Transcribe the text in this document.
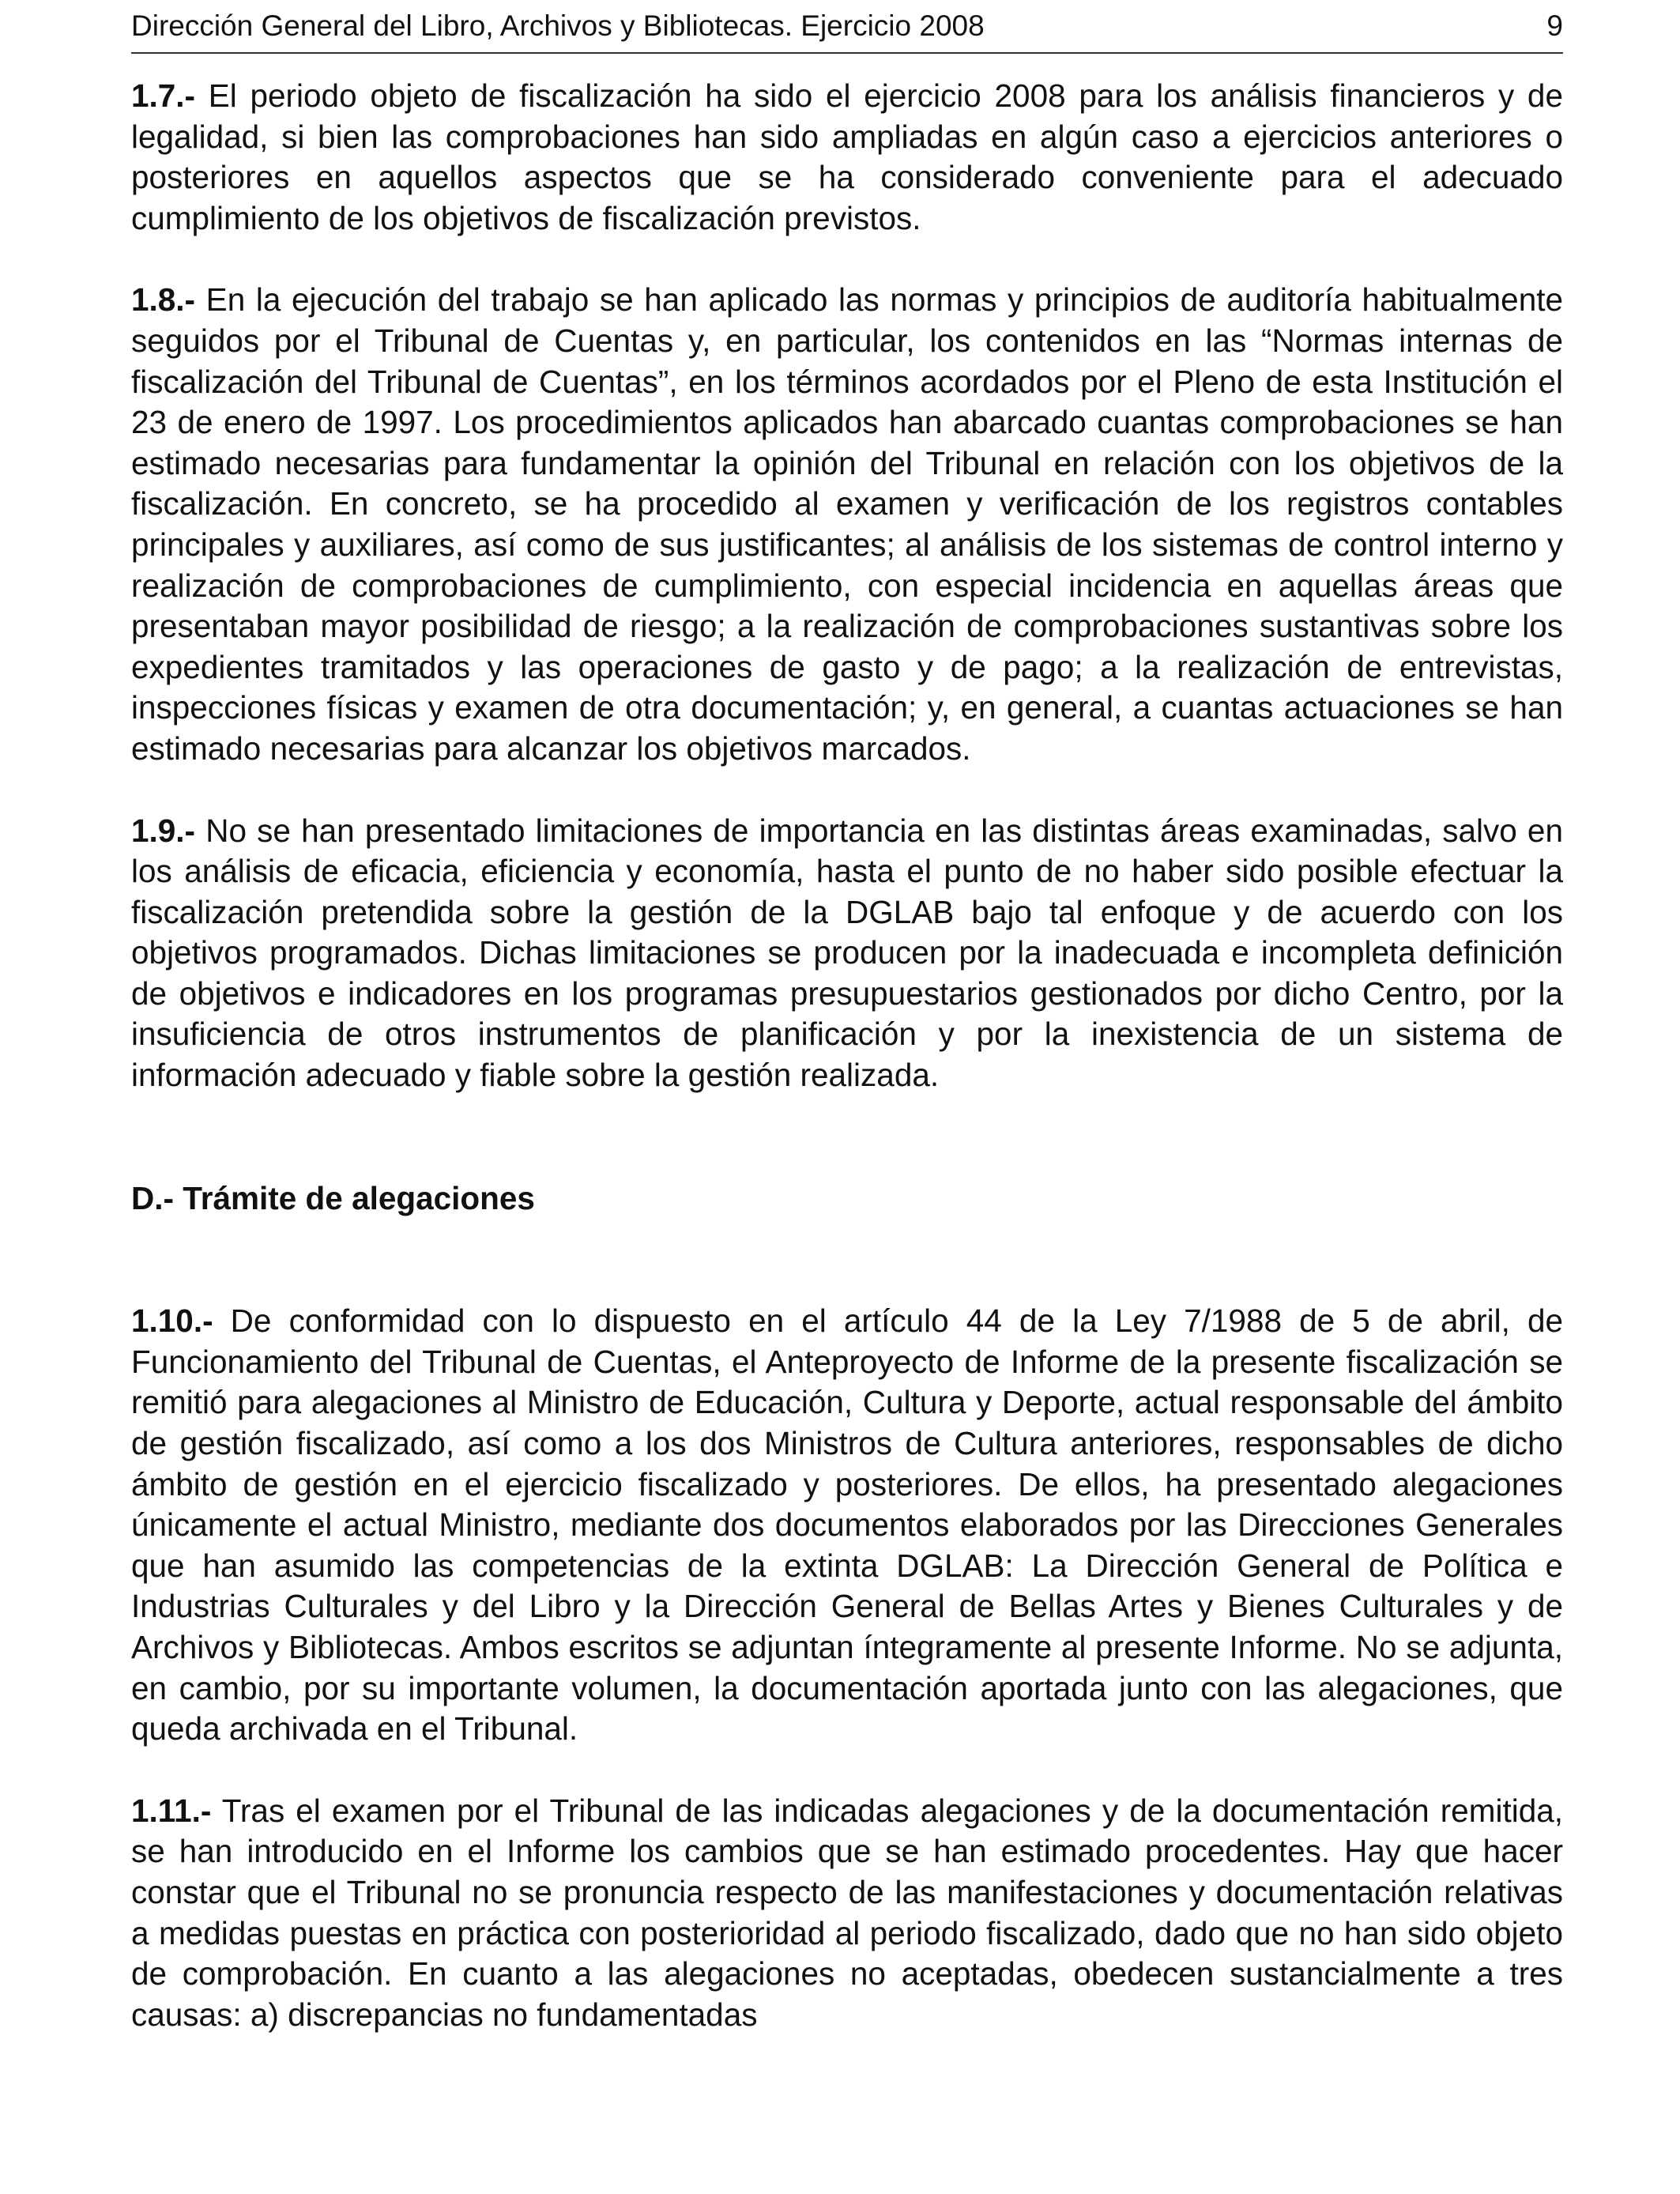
Dirección General del Libro, Archivos y Bibliotecas. Ejercicio 2008	9

1.7.- El periodo objeto de fiscalización ha sido el ejercicio 2008 para los análisis financieros y de legalidad, si bien las comprobaciones han sido ampliadas en algún caso a ejercicios anteriores o posteriores en aquellos aspectos que se ha considerado conveniente para el adecuado cumplimiento de los objetivos de fiscalización previstos.

1.8.- En la ejecución del trabajo se han aplicado las normas y principios de auditoría habitualmente seguidos por el Tribunal de Cuentas y, en particular, los contenidos en las “Normas internas de fiscalización del Tribunal de Cuentas”, en los términos acordados por el Pleno de esta Institución el 23 de enero de 1997. Los procedimientos aplicados han abarcado cuantas comprobaciones se han estimado necesarias para fundamentar la opinión del Tribunal en relación con los objetivos de la fiscalización. En concreto, se ha procedido al examen y verificación de los registros contables principales y auxiliares, así como de sus justificantes; al análisis de los sistemas de control interno y realización de comprobaciones de cumplimiento, con especial incidencia en aquellas áreas que presentaban mayor posibilidad de riesgo; a la realización de comprobaciones sustantivas sobre los expedientes tramitados y las operaciones de gasto y de pago; a la realización de entrevistas, inspecciones físicas y examen de otra documentación; y, en general, a cuantas actuaciones se han estimado necesarias para alcanzar los objetivos marcados.

1.9.- No se han presentado limitaciones de importancia en las distintas áreas examinadas, salvo en los análisis de eficacia, eficiencia y economía, hasta el punto de no haber sido posible efectuar la fiscalización pretendida sobre la gestión de la DGLAB bajo tal enfoque y de acuerdo con los objetivos programados. Dichas limitaciones se producen por la inadecuada e incompleta definición de objetivos e indicadores en los programas presupuestarios gestionados por dicho Centro, por la insuficiencia de otros instrumentos de planificación y por la inexistencia de un sistema de información adecuado y fiable sobre la gestión realizada.

D.- Trámite de alegaciones

1.10.- De conformidad con lo dispuesto en el artículo 44 de la Ley 7/1988 de 5 de abril, de Funcionamiento del Tribunal de Cuentas, el Anteproyecto de Informe de la presente fiscalización se remitió para alegaciones al Ministro de Educación, Cultura y Deporte, actual responsable del ámbito de gestión fiscalizado, así como a los dos Ministros de Cultura anteriores, responsables de dicho ámbito de gestión en el ejercicio fiscalizado y posteriores. De ellos, ha presentado alegaciones únicamente el actual Ministro, mediante dos documentos elaborados por las Direcciones Generales que han asumido las competencias de la extinta DGLAB: La Dirección General de Política e Industrias Culturales y del Libro y la Dirección General de Bellas Artes y Bienes Culturales y de Archivos y Bibliotecas. Ambos escritos se adjuntan íntegramente al presente Informe. No se adjunta, en cambio, por su importante volumen, la documentación aportada junto con las alegaciones, que queda archivada en el Tribunal.

1.11.- Tras el examen por el Tribunal de las indicadas alegaciones y de la documentación remitida, se han introducido en el Informe los cambios que se han estimado procedentes. Hay que hacer constar que el Tribunal no se pronuncia respecto de las manifestaciones y documentación relativas a medidas puestas en práctica con posterioridad al periodo fiscalizado, dado que no han sido objeto de comprobación. En cuanto a las alegaciones no aceptadas, obedecen sustancialmente a tres causas: a) discrepancias no fundamentadas
